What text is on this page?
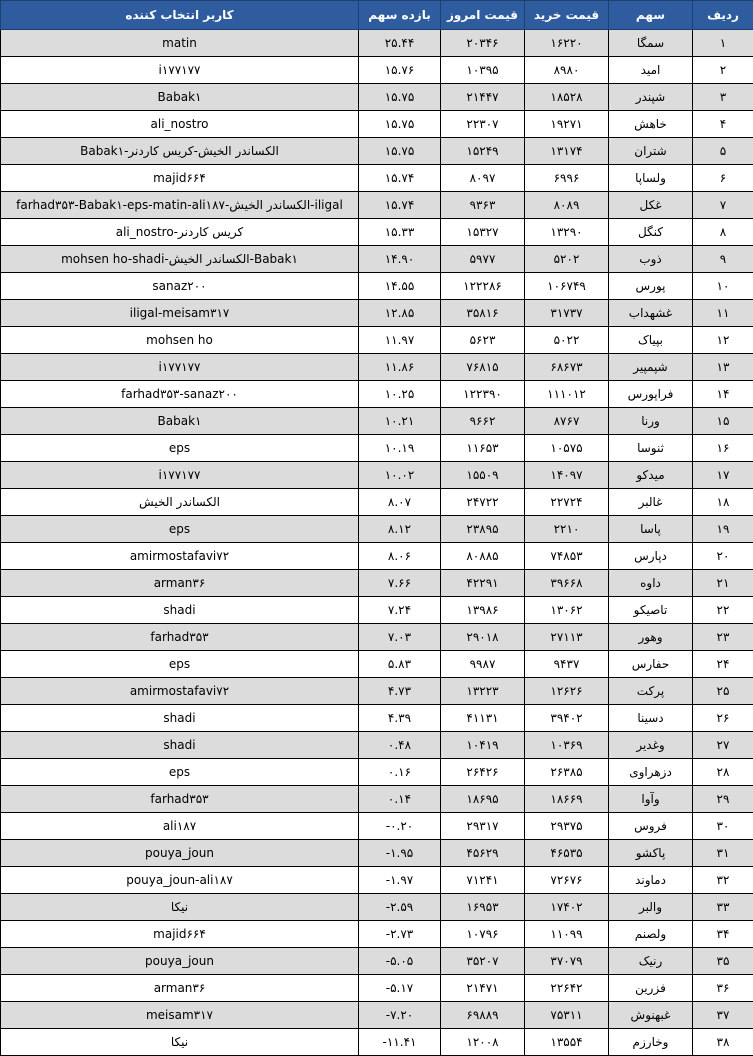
ردیف	سهم	قیمت خرید	قیمت امروز	بازده سهم	کاربر انتخاب کننده
۱	سمگا	۱۶۲۲۰	۲۰۳۴۶	۲۵.۴۴	matin
۲	امید	۸۹۸۰	۱۰۳۹۵	۱۵.۷۶	i۱۷۷۱۷۷
۳	شپندر	۱۸۵۲۸	۲۱۴۴۷	۱۵.۷۵	Babak۱
۴	خاهش	۱۹۲۷۱	۲۲۳۰۷	۱۵.۷۵	ali_nostro
۵	شتران	۱۳۱۷۴	۱۵۲۴۹	۱۵.۷۵	الکساندر الخیش-کریس کاردنر-Babak۱
۶	ولساپا	۶۹۹۶	۸۰۹۷	۱۵.۷۴	majid۶۶۴
۷	غکل	۸۰۸۹	۹۳۶۳	۱۵.۷۴	iligal-الکساندر الخیش-farhad۳۵۳-Babak۱-eps-matin-ali۱۸۷
۸	کنگل	۱۳۲۹۰	۱۵۳۲۷	۱۵.۳۳	کریس کاردنر-ali_nostro
۹	ذوب	۵۲۰۲	۵۹۷۷	۱۴.۹۰	Babak۱-الکساندر الخیش-mohsen ho-shadi
۱۰	پورس	۱۰۶۷۴۹	۱۲۲۲۸۶	۱۴.۵۵	sanaz۲۰۰
۱۱	غشهداب	۳۱۷۳۷	۳۵۸۱۶	۱۲.۸۵	iligal-meisam۳۱۷
۱۲	بپیاک	۵۰۲۲	۵۶۲۳	۱۱.۹۷	mohsen ho
۱۳	شپمپیر	۶۸۶۷۳	۷۶۸۱۵	۱۱.۸۶	i۱۷۷۱۷۷
۱۴	فراپورس	۱۱۱۰۱۲	۱۲۲۳۹۰	۱۰.۲۵	farhad۳۵۳-sanaz۲۰۰
۱۵	ورنا	۸۷۶۷	۹۶۶۲	۱۰.۲۱	Babak۱
۱۶	ثنوسا	۱۰۵۷۵	۱۱۶۵۳	۱۰.۱۹	eps
۱۷	میدکو	۱۴۰۹۷	۱۵۵۰۹	۱۰.۰۲	i۱۷۷۱۷۷
۱۸	غالبر	۲۲۷۲۴	۲۴۷۲۲	۸.۰۷	الکساندر الخیش
۱۹	پاسا	۲۲۱۰	۲۳۸۹۵	۸.۱۲	eps
۲۰	دپارس	۷۴۸۵۳	۸۰۸۸۵	۸.۰۶	amirmostafavi۷۲
۲۱	داوه	۳۹۶۶۸	۴۲۲۹۱	۷.۶۶	arman۳۶
۲۲	تاصیکو	۱۳۰۶۲	۱۳۹۸۶	۷.۲۴	shadi
۲۳	وهور	۲۷۱۱۳	۲۹۰۱۸	۷.۰۳	farhad۳۵۳
۲۴	حفارس	۹۴۳۷	۹۹۸۷	۵.۸۳	eps
۲۵	پرکت	۱۲۶۲۶	۱۳۲۲۳	۴.۷۳	amirmostafavi۷۲
۲۶	دسینا	۳۹۴۰۲	۴۱۱۳۱	۴.۳۹	shadi
۲۷	وغدیر	۱۰۳۶۹	۱۰۴۱۹	۰.۴۸	shadi
۲۸	دزهراوی	۲۶۳۸۵	۲۶۴۲۶	۰.۱۶	eps
۲۹	وآوا	۱۸۶۶۹	۱۸۶۹۵	۰.۱۴	farhad۳۵۳
۳۰	فروس	۲۹۳۷۵	۲۹۳۱۷	-۰.۲۰	ali۱۸۷
۳۱	پاکشو	۴۶۵۳۵	۴۵۶۲۹	-۱.۹۵	pouya_joun
۳۲	دماوند	۷۲۶۷۶	۷۱۲۴۱	-۱.۹۷	pouya_joun-ali۱۸۷
۳۳	والبر	۱۷۴۰۲	۱۶۹۵۳	-۲.۵۹	نیکا
۳۴	ولصنم	۱۱۰۹۹	۱۰۷۹۶	-۲.۷۳	majid۶۶۴
۳۵	رنیک	۳۷۰۷۹	۳۵۲۰۷	-۵.۰۵	pouya_joun
۳۶	فزرین	۲۲۶۴۲	۲۱۴۷۱	-۵.۱۷	arman۳۶
۳۷	غبهنوش	۷۵۳۱۱	۶۹۸۸۹	-۷.۲۰	meisam۳۱۷
۳۸	وخارزم	۱۳۵۵۴	۱۲۰۰۸	-۱۱.۴۱	نیکا
